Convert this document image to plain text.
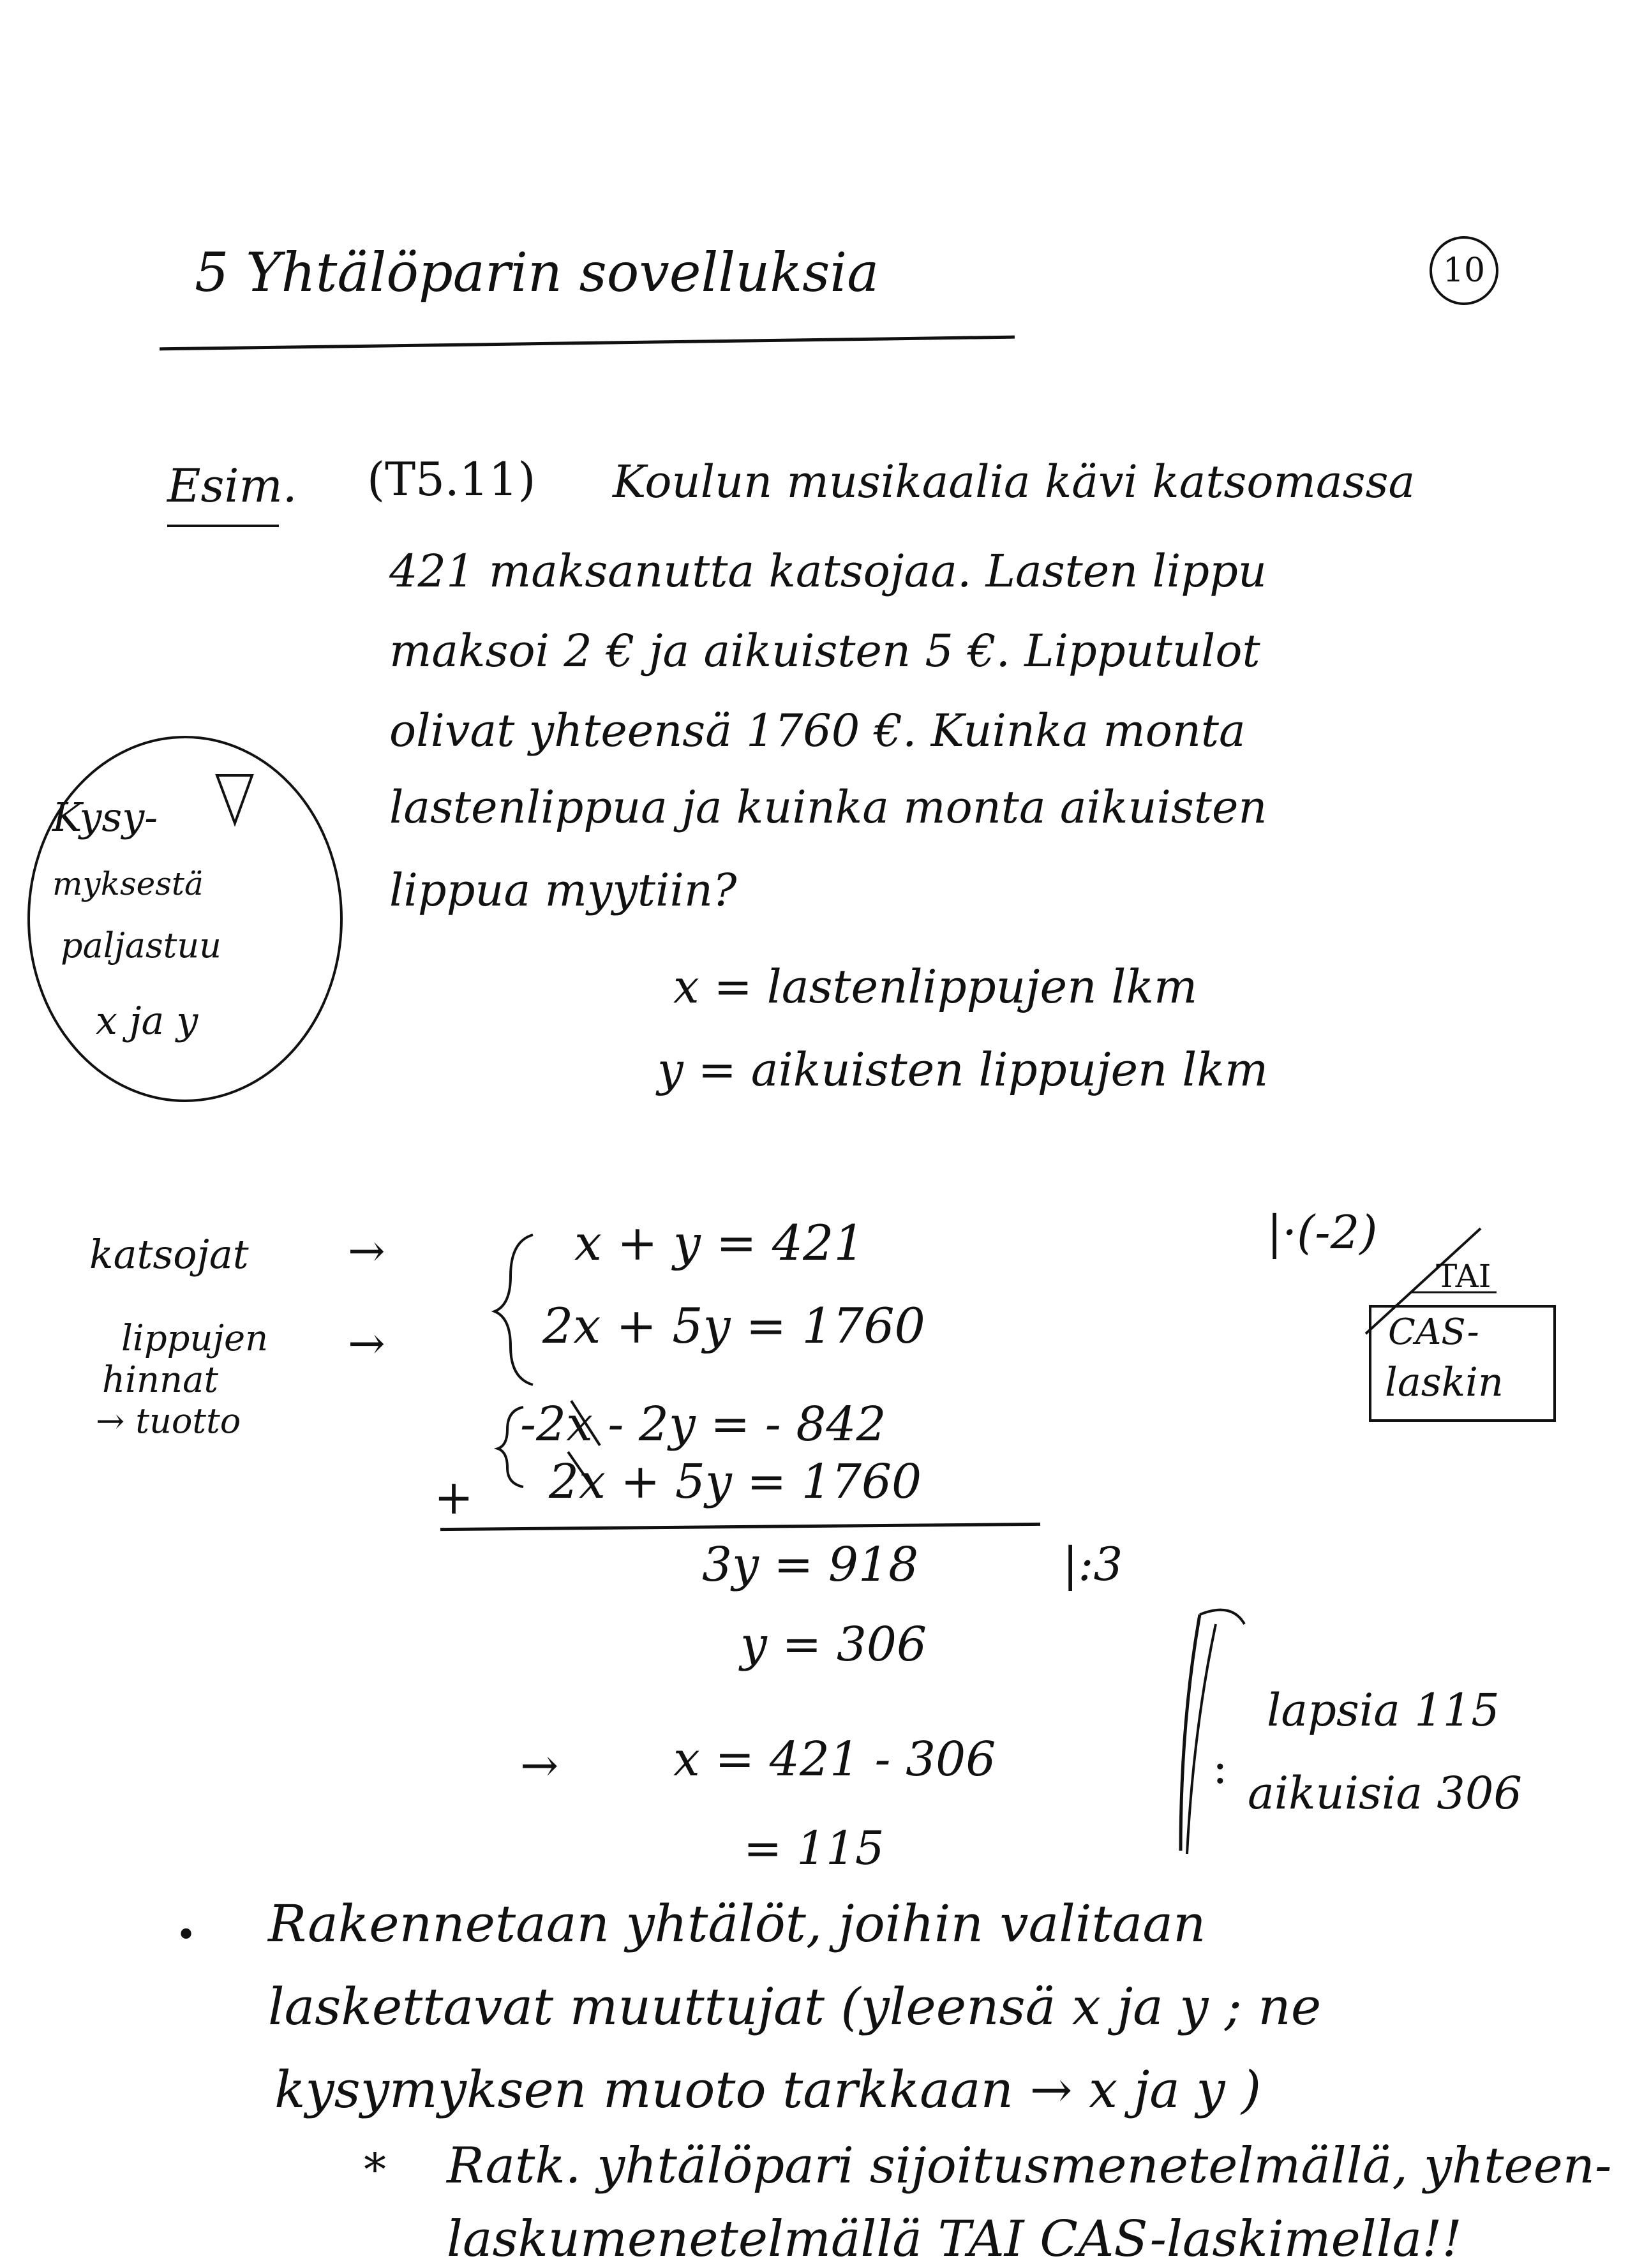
5 Yhtälöparin sovelluksia	10
Esim. (T5.11) Koulun musikaalia kävi katsomassa
421 maksanutta katsojaa. Lasten lippu
maksoi 2 € ja aikuisten 5 €. Lipputulot
olivat yhteensä 1760 €. Kuinka monta
lastenlippua ja kuinka monta aikuisten
lippua myytiin?
Kysy-
myksestä
paljastuu
x ja y
x = lastenlippujen lkm
y = aikuisten lippujen lkm
katsojat →
lippujen
hinnat
→ tuotto
→
x + y = 421
2x + 5y = 1760
|·(-2)
TAI
CAS-
laskin
-2x - 2y = - 842
2x + 5y = 1760
+
3y = 918	|:3
y = 306
→ x = 421 - 306
= 115
:
lapsia 115
aikuisia 306
• Rakennetaan yhtälöt, joihin valitaan
laskettavat muuttujat (yleensä x ja y ; ne
kysymyksen muoto tarkkaan → x ja y )
* Ratk. yhtälöpari sijoitusmenetelmällä, yhteen-
laskumenetelmällä TAI CAS-laskimella!!
